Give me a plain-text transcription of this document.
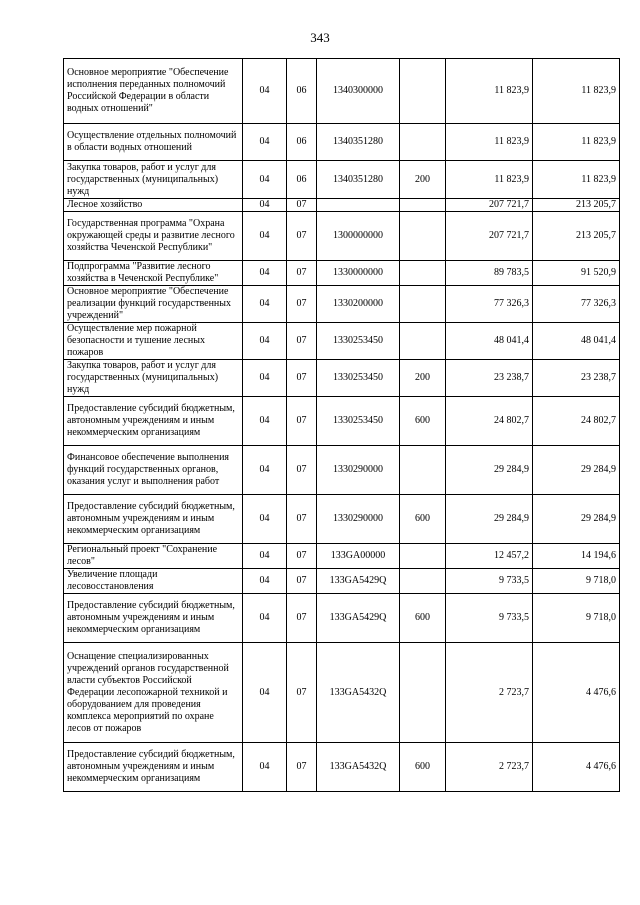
343
Основное мероприятие "Обеспечение исполнения переданных полномочий Российской Федерации в области водных отношений"	04	06	1340300000		11 823,9	11 823,9
Осуществление отдельных полномочий в области водных отношений	04	06	1340351280		11 823,9	11 823,9
Закупка товаров, работ и услуг для государственных (муниципальных) нужд	04	06	1340351280	200	11 823,9	11 823,9
Лесное хозяйство	04	07			207 721,7	213 205,7
Государственная программа "Охрана окружающей среды и развитие лесного хозяйства Чеченской Республики"	04	07	1300000000		207 721,7	213 205,7
Подпрограмма "Развитие лесного хозяйства в Чеченской Республике"	04	07	1330000000		89 783,5	91 520,9
Основное мероприятие "Обеспечение реализации функций государственных учреждений"	04	07	1330200000		77 326,3	77 326,3
Осуществление мер пожарной безопасности и тушение лесных пожаров	04	07	1330253450		48 041,4	48 041,4
Закупка товаров, работ и услуг для государственных (муниципальных) нужд	04	07	1330253450	200	23 238,7	23 238,7
Предоставление субсидий бюджетным, автономным учреждениям и иным некоммерческим организациям	04	07	1330253450	600	24 802,7	24 802,7
Финансовое обеспечение выполнения функций государственных органов, оказания услуг и выполнения работ	04	07	1330290000		29 284,9	29 284,9
Предоставление субсидий бюджетным, автономным учреждениям и иным некоммерческим организациям	04	07	1330290000	600	29 284,9	29 284,9
Региональный проект "Сохранение лесов"	04	07	133GA00000		12 457,2	14 194,6
Увеличение площади лесовосстановления	04	07	133GA5429Q		9 733,5	9 718,0
Предоставление субсидий бюджетным, автономным учреждениям и иным некоммерческим организациям	04	07	133GA5429Q	600	9 733,5	9 718,0
Оснащение специализированных учреждений органов государственной власти субъектов Российской Федерации лесопожарной техникой и оборудованием для проведения комплекса мероприятий по охране лесов от пожаров	04	07	133GA5432Q		2 723,7	4 476,6
Предоставление субсидий бюджетным, автономным учреждениям и иным некоммерческим организациям	04	07	133GA5432Q	600	2 723,7	4 476,6
